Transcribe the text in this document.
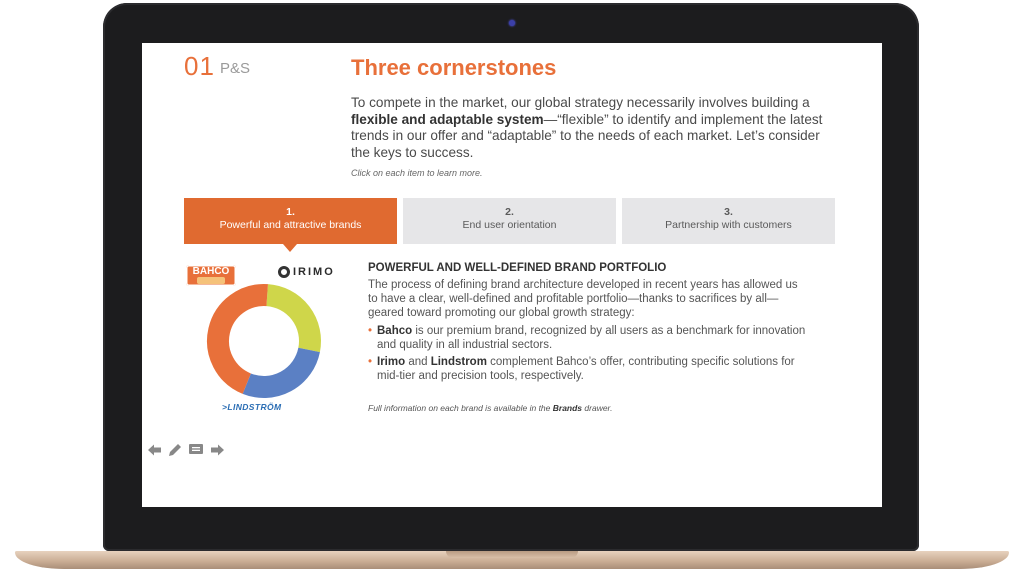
01 P&S	Three cornerstones
To compete in the market, our global strategy necessarily involves building a flexible and adaptable system—“flexible” to identify and implement the latest trends in our offer and “adaptable” to the needs of each market. Let’s consider the keys to success.
Click on each item to learn more.
1.
Powerful and attractive brands
2.
End user orientation
3.
Partnership with customers
BAHCO	IRIMO
>LINDSTRÖM
POWERFUL AND WELL-DEFINED BRAND PORTFOLIO
The process of defining brand architecture developed in recent years has allowed us to have a clear, well-defined and profitable portfolio—thanks to sacrifices by all—geared toward promoting our global growth strategy:
• Bahco is our premium brand, recognized by all users as a benchmark for innovation and quality in all industrial sectors.
• Irimo and Lindstrom complement Bahco’s offer, contributing specific solutions for mid-tier and precision tools, respectively.
Full information on each brand is available in the Brands drawer.
